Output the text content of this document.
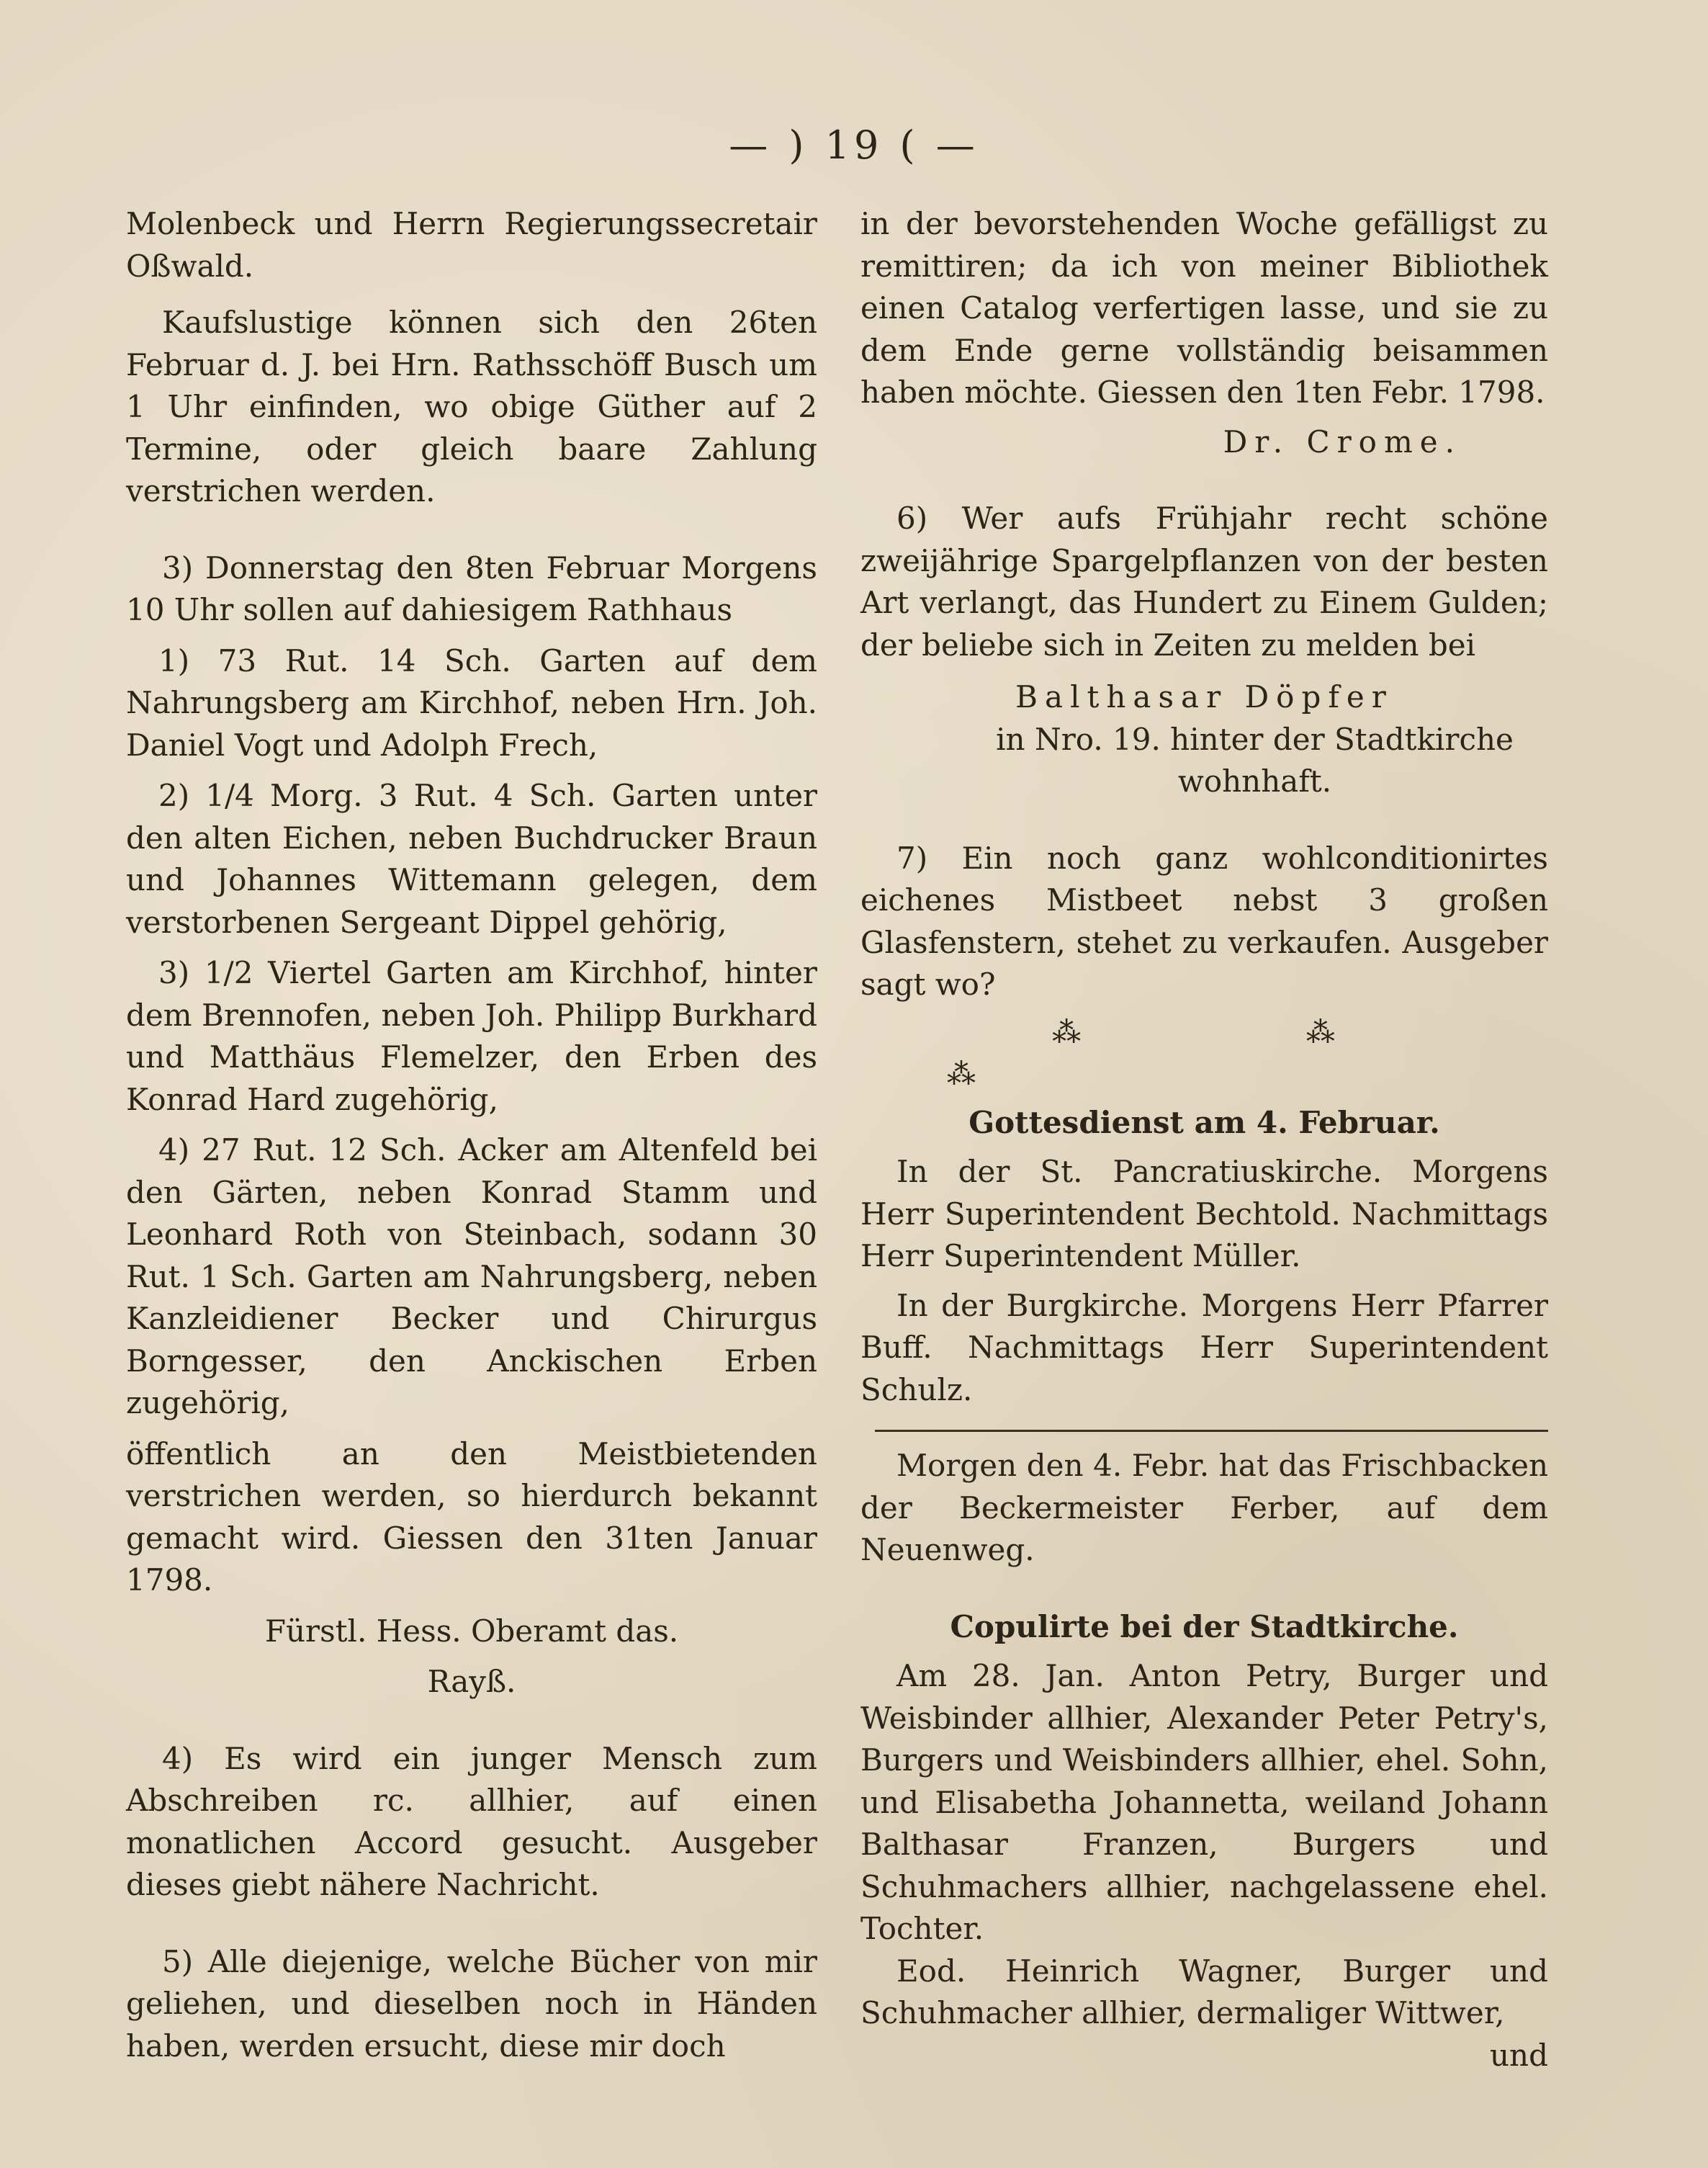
— ) 19 ( —

Molenbeck und Herrn Regierungssecretair Oßwald.

Kaufslustige können sich den 26ten Februar d. J. bei Hrn. Rathsschöff Busch um 1 Uhr einfinden, wo obige Güther auf 2 Termine, oder gleich baare Zahlung verstrichen werden.

3) Donnerstag den 8ten Februar Morgens 10 Uhr sollen auf dahiesigem Rathhaus

1) 73 Rut. 14 Sch. Garten auf dem Nahrungsberg am Kirchhof, neben Hrn. Joh. Daniel Vogt und Adolph Frech,

2) 1/4 Morg. 3 Rut. 4 Sch. Garten unter den alten Eichen, neben Buchdrucker Braun und Johannes Wittemann gelegen, dem verstorbenen Sergeant Dippel gehörig,

3) 1/2 Viertel Garten am Kirchhof, hinter dem Brennofen, neben Joh. Philipp Burkhard und Matthäus Flemelzer, den Erben des Konrad Hard zugehörig,

4) 27 Rut. 12 Sch. Acker am Altenfeld bei den Gärten, neben Konrad Stamm und Leonhard Roth von Steinbach, sodann 30 Rut. 1 Sch. Garten am Nahrungsberg, neben Kanzleidiener Becker und Chirurgus Borngesser, den Anckischen Erben zugehörig,

öffentlich an den Meistbietenden verstrichen werden, so hierdurch bekannt gemacht wird. Giessen den 31ten Januar 1798.

Fürstl. Hess. Oberamt das.

Rayß.

4) Es wird ein junger Mensch zum Abschreiben rc. allhier, auf einen monatlichen Accord gesucht. Ausgeber dieses giebt nähere Nachricht.

5) Alle diejenige, welche Bücher von mir geliehen, und dieselben noch in Händen haben, werden ersucht, diese mir doch

in der bevorstehenden Woche gefälligst zu remittiren; da ich von meiner Bibliothek einen Catalog verfertigen lasse, und sie zu dem Ende gerne vollständig beisammen haben möchte. Giessen den 1ten Febr. 1798.

Dr. Crome.

6) Wer aufs Frühjahr recht schöne zweijährige Spargelpflanzen von der besten Art verlangt, das Hundert zu Einem Gulden; der beliebe sich in Zeiten zu melden bei

Balthasar Döpfer

in Nro. 19. hinter der Stadtkirche wohnhaft.

7) Ein noch ganz wohlconditionirtes eichenes Mistbeet nebst 3 großen Glasfenstern, stehet zu verkaufen. Ausgeber sagt wo?

⁂ ⁂ ⁂

Gottesdienst am 4. Februar.

In der St. Pancratiuskirche. Morgens Herr Superintendent Bechtold. Nachmittags Herr Superintendent Müller.

In der Burgkirche. Morgens Herr Pfarrer Buff. Nachmittags Herr Superintendent Schulz.

Morgen den 4. Febr. hat das Frischbacken der Beckermeister Ferber, auf dem Neuenweg.

Copulirte bei der Stadtkirche.

Am 28. Jan. Anton Petry, Burger und Weisbinder allhier, Alexander Peter Petry's, Burgers und Weisbinders allhier, ehel. Sohn, und Elisabetha Johannetta, weiland Johann Balthasar Franzen, Burgers und Schuhmachers allhier, nachgelassene ehel. Tochter.

Eod. Heinrich Wagner, Burger und Schuhmacher allhier, dermaliger Wittwer,

und
